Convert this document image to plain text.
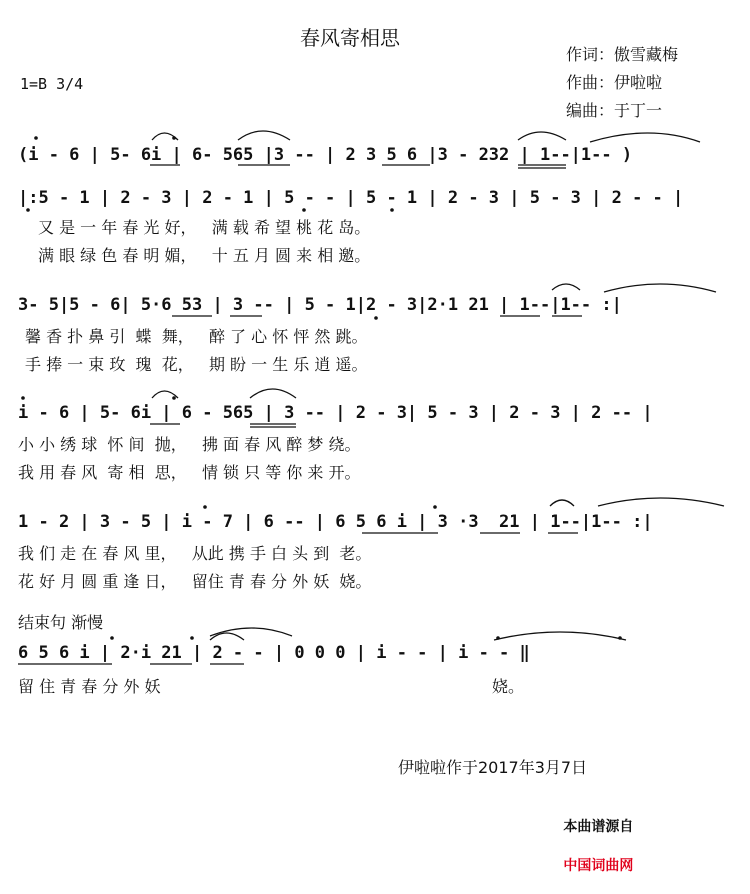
春风寄相思
作词：傲雪藏梅
作曲：伊啦啦
编曲：于丁一
1=B 3/4
(i - 6 | 5- 6i | 6- 565 |3 -- | 2 3 5 6 |3 - 232 | 1--|1-- )
|:5 - 1 | 2 - 3 | 2 - 1 | 5 - - | 5 - 1 | 2 - 3 | 5 - 3 | 2 - - |
又 是 一 年 春 光 好，   满 载 希 望 桃 花 岛。
满 眼 绿 色 春 明 媚，   十 五 月 圆 来 相 邀。
3- 5|5 - 6| 5·6 53 | 3 -- | 5 - 1|2 - 3|2·1 21 | 1--|1-- :|
馨 香 扑 鼻 引  蝶  舞，   醉 了 心 怀 怦 然 跳。
手 捧 一 束 玫  瑰  花，   期 盼 一 生 乐 逍 遥。
i - 6 | 5- 6i | 6 - 565 | 3 -- | 2 - 3| 5 - 3 | 2 - 3 | 2 -- |
小 小 绣 球  怀 间  抛，   拂 面 春 风 醉 梦 绕。
我 用 春 风  寄 相  思，   情 锁 只 等 你 来 开。
1 - 2 | 3 - 5 | i - 7 | 6 -- | 6 5 6 i | 3 ·3  21 | 1--|1-- :|
我 们 走 在 春 风 里，   从此 携 手 白 头 到  老。
花 好 月 圆 重 逢 日，   留住 青 春 分 外 妖  娆。
结束句 渐慢
6 5 6 i | 2·i 21 | 2 - - | 0 0 0 | i - - | i - - ‖
留 住 青 春 分 外 妖	娆。
伊啦啦作于2017年3月7日

本曲谱源自

中国词曲网
